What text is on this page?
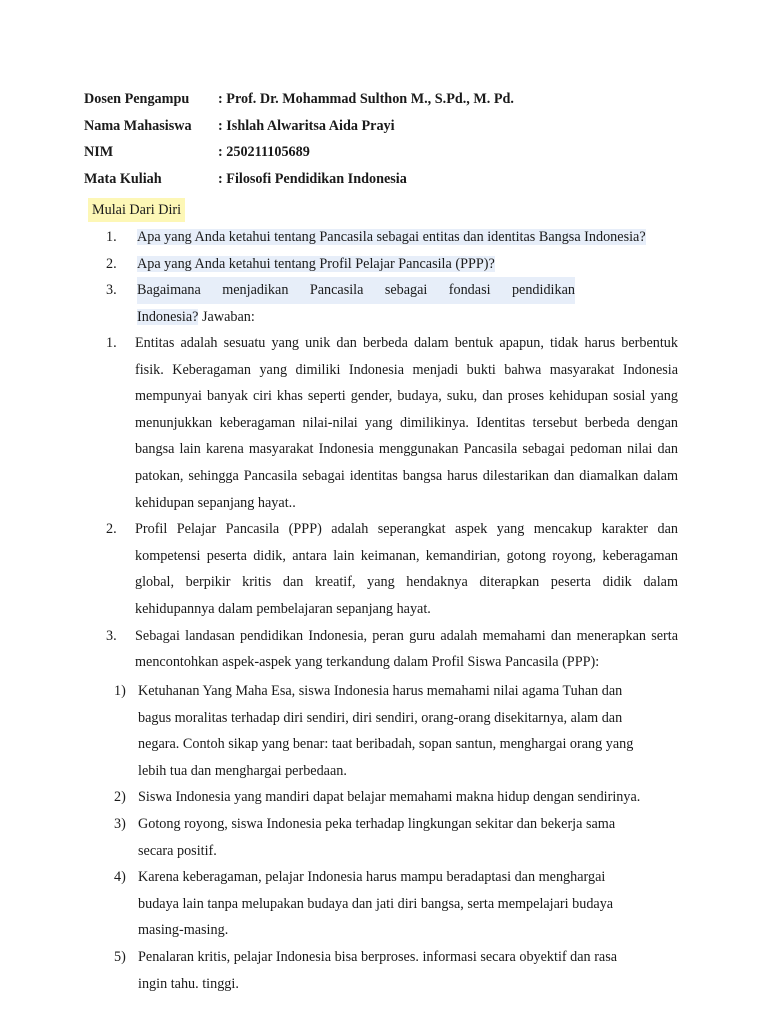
Dosen Pengampu	: Prof. Dr. Mohammad Sulthon M., S.Pd., M. Pd.
Nama Mahasiswa	: Ishlah Alwaritsa Aida Prayi
NIM	: 250211105689
Mata Kuliah	: Filosofi Pendidikan Indonesia
Mulai Dari Diri
1.	Apa yang Anda ketahui tentang Pancasila sebagai entitas dan identitas Bangsa Indonesia?
2.	Apa yang Anda ketahui tentang Profil Pelajar Pancasila (PPP)?
3.	Bagaimana menjadikan Pancasila sebagai fondasi pendidikan
Indonesia? Jawaban:
1.	Entitas adalah sesuatu yang unik dan berbeda dalam bentuk apapun, tidak harus berbentuk fisik. Keberagaman yang dimiliki Indonesia menjadi bukti bahwa masyarakat Indonesia mempunyai banyak ciri khas seperti gender, budaya, suku, dan proses kehidupan sosial yang menunjukkan keberagaman nilai-nilai yang dimilikinya. Identitas tersebut berbeda dengan bangsa lain karena masyarakat Indonesia menggunakan Pancasila sebagai pedoman nilai dan patokan, sehingga Pancasila sebagai identitas bangsa harus dilestarikan dan diamalkan dalam kehidupan sepanjang hayat..
2.	Profil Pelajar Pancasila (PPP) adalah seperangkat aspek yang mencakup karakter dan kompetensi peserta didik, antara lain keimanan, kemandirian, gotong royong, keberagaman global, berpikir kritis dan kreatif, yang hendaknya diterapkan peserta didik dalam kehidupannya dalam pembelajaran sepanjang hayat.
3.	Sebagai landasan pendidikan Indonesia, peran guru adalah memahami dan menerapkan serta mencontohkan aspek-aspek yang terkandung dalam Profil Siswa Pancasila (PPP):
1) Ketuhanan Yang Maha Esa, siswa Indonesia harus memahami nilai agama Tuhan dan
bagus moralitas terhadap diri sendiri, diri sendiri, orang-orang disekitarnya, alam dan
negara. Contoh sikap yang benar: taat beribadah, sopan santun, menghargai orang yang
lebih tua dan menghargai perbedaan.
2) Siswa Indonesia yang mandiri dapat belajar memahami makna hidup dengan sendirinya.
3) Gotong royong, siswa Indonesia peka terhadap lingkungan sekitar dan bekerja sama
secara positif.
4) Karena keberagaman, pelajar Indonesia harus mampu beradaptasi dan menghargai
budaya lain tanpa melupakan budaya dan jati diri bangsa, serta mempelajari budaya
masing-masing.
5) Penalaran kritis, pelajar Indonesia bisa berproses. informasi secara obyektif dan rasa
ingin tahu. tinggi.
